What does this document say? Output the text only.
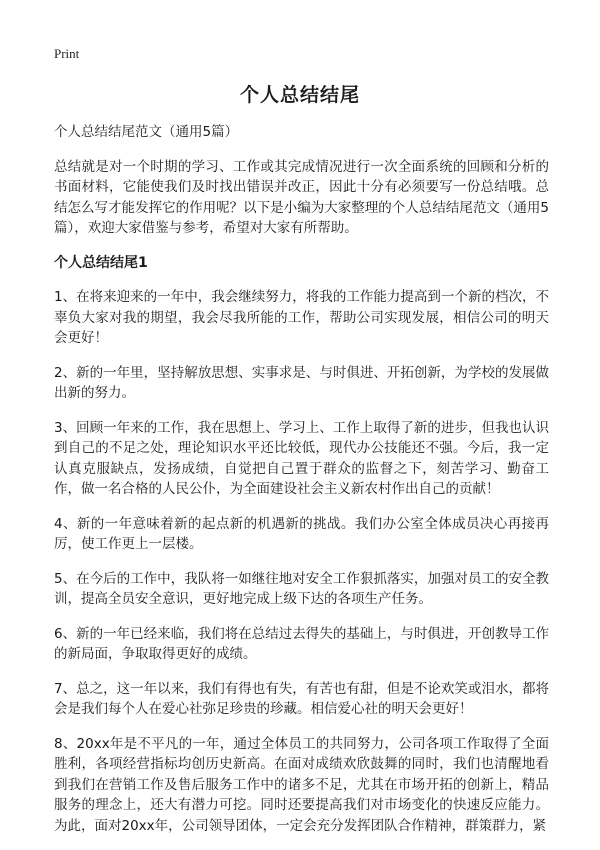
Print
个人总结结尾

个人总结结尾范文（通用5篇）

总结就是对一个时期的学习、工作或其完成情况进行一次全面系统的回顾和分析的书面材料，它能使我们及时找出错误并改正，因此十分有必须要写一份总结哦。总结怎么写才能发挥它的作用呢？以下是小编为大家整理的个人总结结尾范文（通用5篇），欢迎大家借鉴与参考，希望对大家有所帮助。

个人总结结尾1

1、在将来迎来的一年中，我会继续努力，将我的工作能力提高到一个新的档次，不辜负大家对我的期望，我会尽我所能的工作，帮助公司实现发展，相信公司的明天会更好！

2、新的一年里，坚持解放思想、实事求是、与时俱进、开拓创新，为学校的发展做出新的努力。

3、回顾一年来的工作，我在思想上、学习上、工作上取得了新的进步，但我也认识到自己的不足之处，理论知识水平还比较低，现代办公技能还不强。今后，我一定认真克服缺点，发扬成绩，自觉把自己置于群众的监督之下，刻苦学习、勤奋工作，做一名合格的人民公仆，为全面建设社会主义新农村作出自己的贡献！

4、新的一年意味着新的起点新的机遇新的挑战。我们办公室全体成员决心再接再厉，使工作更上一层楼。

5、在今后的工作中，我队将一如继往地对安全工作狠抓落实，加强对员工的安全教训，提高全员安全意识，更好地完成上级下达的各项生产任务。

6、新的一年已经来临，我们将在总结过去得失的基础上，与时俱进，开创教导工作的新局面，争取取得更好的成绩。

7、总之，这一年以来，我们有得也有失，有苦也有甜，但是不论欢笑或泪水，都将会是我们每个人在爱心社弥足珍贵的珍藏。相信爱心社的明天会更好！

8、20xx年是不平凡的一年，通过全体员工的共同努力，公司各项工作取得了全面胜利，各项经营指标均创历史新高。在面对成绩欢欣鼓舞的同时，我们也清醒地看到我们在营销工作及售后服务工作中的诸多不足，尤其在市场开拓的创新上，精品服务的理念上，还大有潜力可挖。同时还要提高我们对市场变化的快速反应能力。为此，面对20xx年，公司领导团体，一定会充分发挥团队合作精神，群策群力，紧
